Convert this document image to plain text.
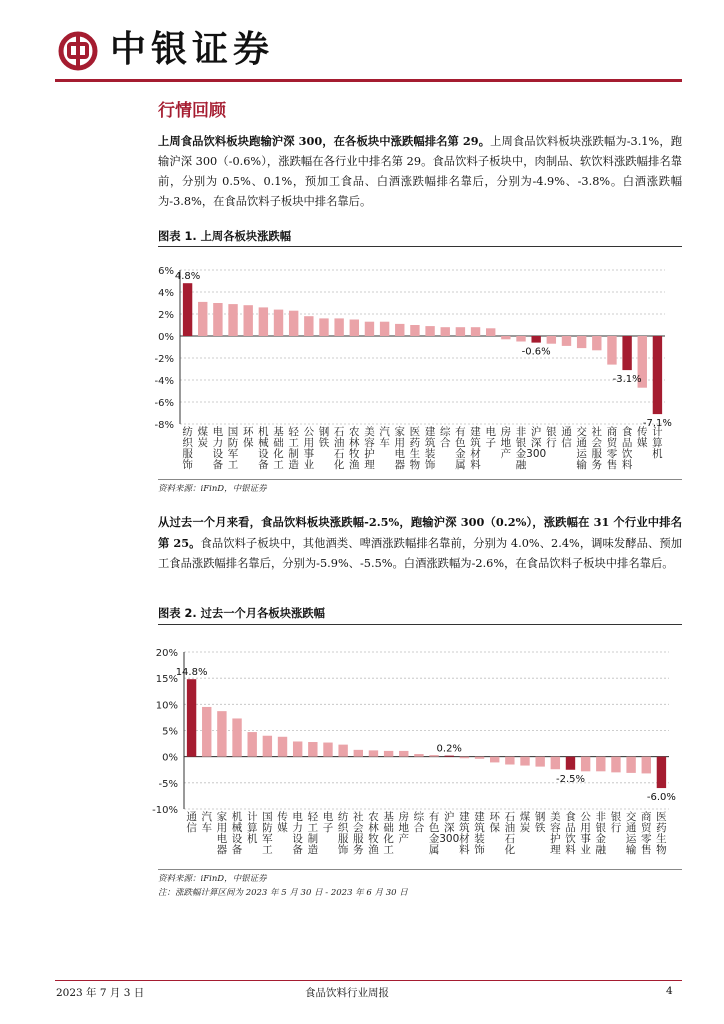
中银证券
行情回顾

上周食品饮料板块跑输沪深 300，在各板块中涨跌幅排名第 29。上周食品饮料板块涨跌幅为-3.1%，跑输沪深 300（-0.6%），涨跌幅在各行业中排名第 29。食品饮料子板块中，肉制品、软饮料涨跌幅排名靠前，分别为 0.5%、0.1%，预加工食品、白酒涨跌幅排名靠后，分别为-4.9%、-3.8%。白酒涨跌幅为-3.8%，在食品饮料子板块中排名靠后。

图表 1. 上周各板块涨跌幅
6%
4%
2%
0%
-2%
-4%
-6%
-8%
纺织服饰
煤炭
电力设备
国防军工
环保
机械设备
基础化工
轻工制造
公用事业
钢铁
石油石化
农林牧渔
美容护理
汽车
家用电器
医药生物
建筑装饰
综合
有色金属
建筑材料
电子
房地产
非银金融
沪深 300
银行
通信
交通运输
社会服务
商贸零售
食品饮料
传媒
计算机
4.8%
-0.6%
-3.1%
-7.1%
资料来源：iFinD，中银证券

从过去一个月来看，食品饮料板块涨跌幅-2.5%，跑输沪深 300（0.2%），涨跌幅在 31 个行业中排名第 25。食品饮料子板块中，其他酒类、啤酒涨跌幅排名靠前，分别为 4.0%、2.4%，调味发酵品、预加工食品涨跌幅排名靠后，分别为-5.9%、-5.5%。白酒涨跌幅为-2.6%，在食品饮料子板块中排名靠后。

图表 2. 过去一个月各板块涨跌幅
20%
15%
10%
5%
0%
-5%
-10%
通信
汽车
家用电器
机械设备
计算机
国防军工
传媒
电力设备
轻工制造
电子
纺织服饰
社会服务
农林牧渔
基础化工
房地产
综合
有色金属
沪深 300
建筑材料
建筑装饰
环保
石油石化
煤炭
钢铁
美容护理
食品饮料
公用事业
非银金融
银行
交通运输
商贸零售
医药生物
14.8%
0.2%
-2.5%
-6.0%
资料来源：iFinD，中银证券
注：涨跌幅计算区间为 2023 年 5 月 30 日 - 2023 年 6 月 30 日
2023 年 7 月 3 日	食品饮料行业周报	4
